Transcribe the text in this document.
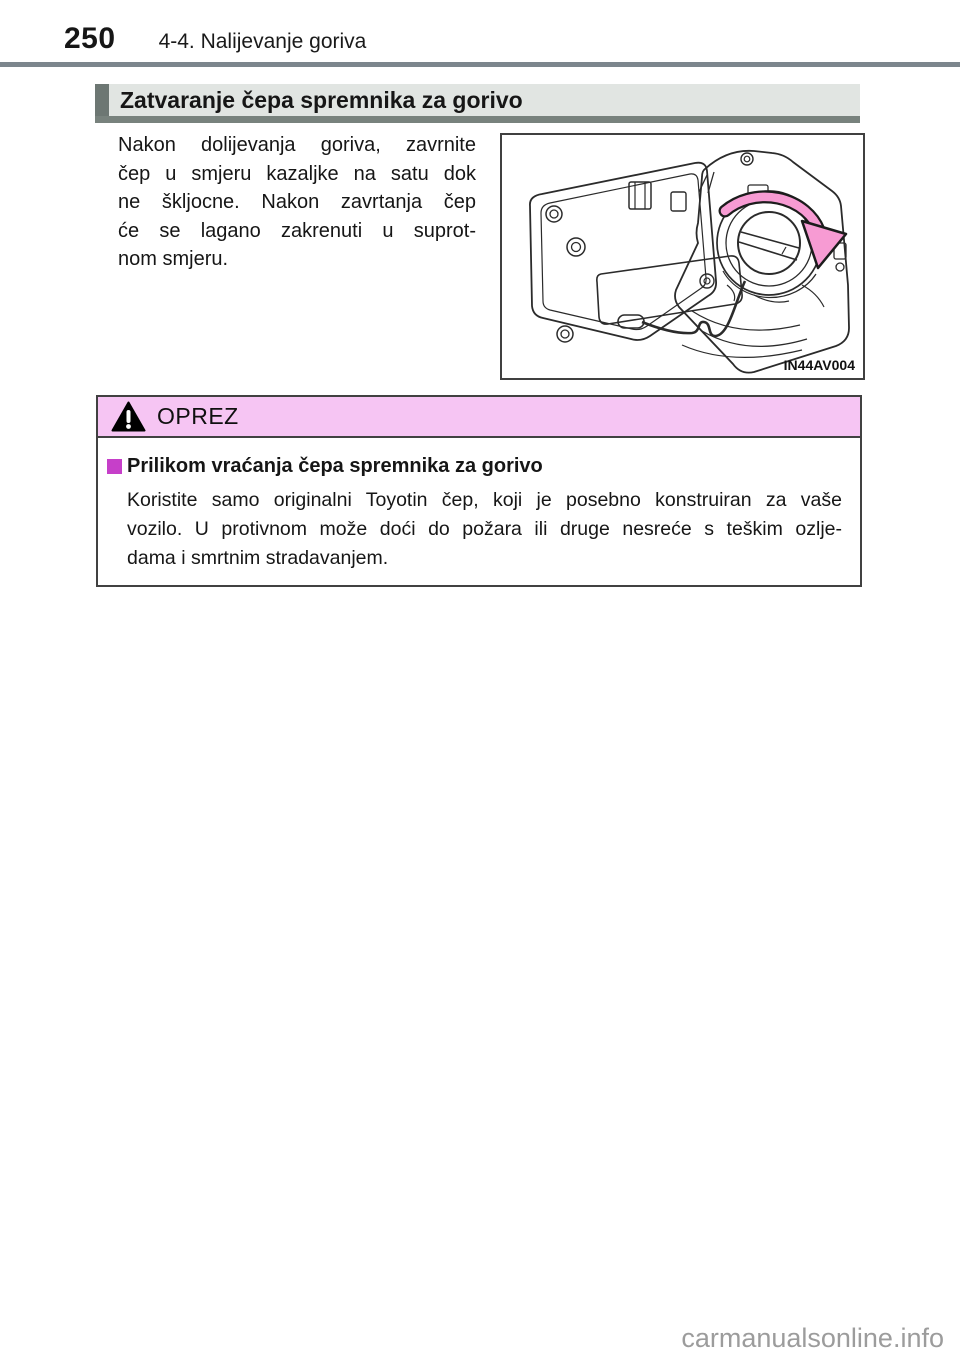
250 4-4. Nalijevanje goriva
Zatvaranje čepa spremnika za gorivo
Nakon dolijevanja goriva, zavrnite
čep u smjeru kazaljke na satu dok
ne škljocne. Nakon zavrtanja čep
će se lagano zakrenuti u suprot-
nom smjeru.
IN44AV004
OPREZ
Prilikom vraćanja čepa spremnika za gorivo
Koristite samo originalni Toyotin čep, koji je posebno konstruiran za vaše
vozilo. U protivnom može doći do požara ili druge nesreće s teškim ozlje-
dama i smrtnim stradavanjem.
carmanualsonline.info
